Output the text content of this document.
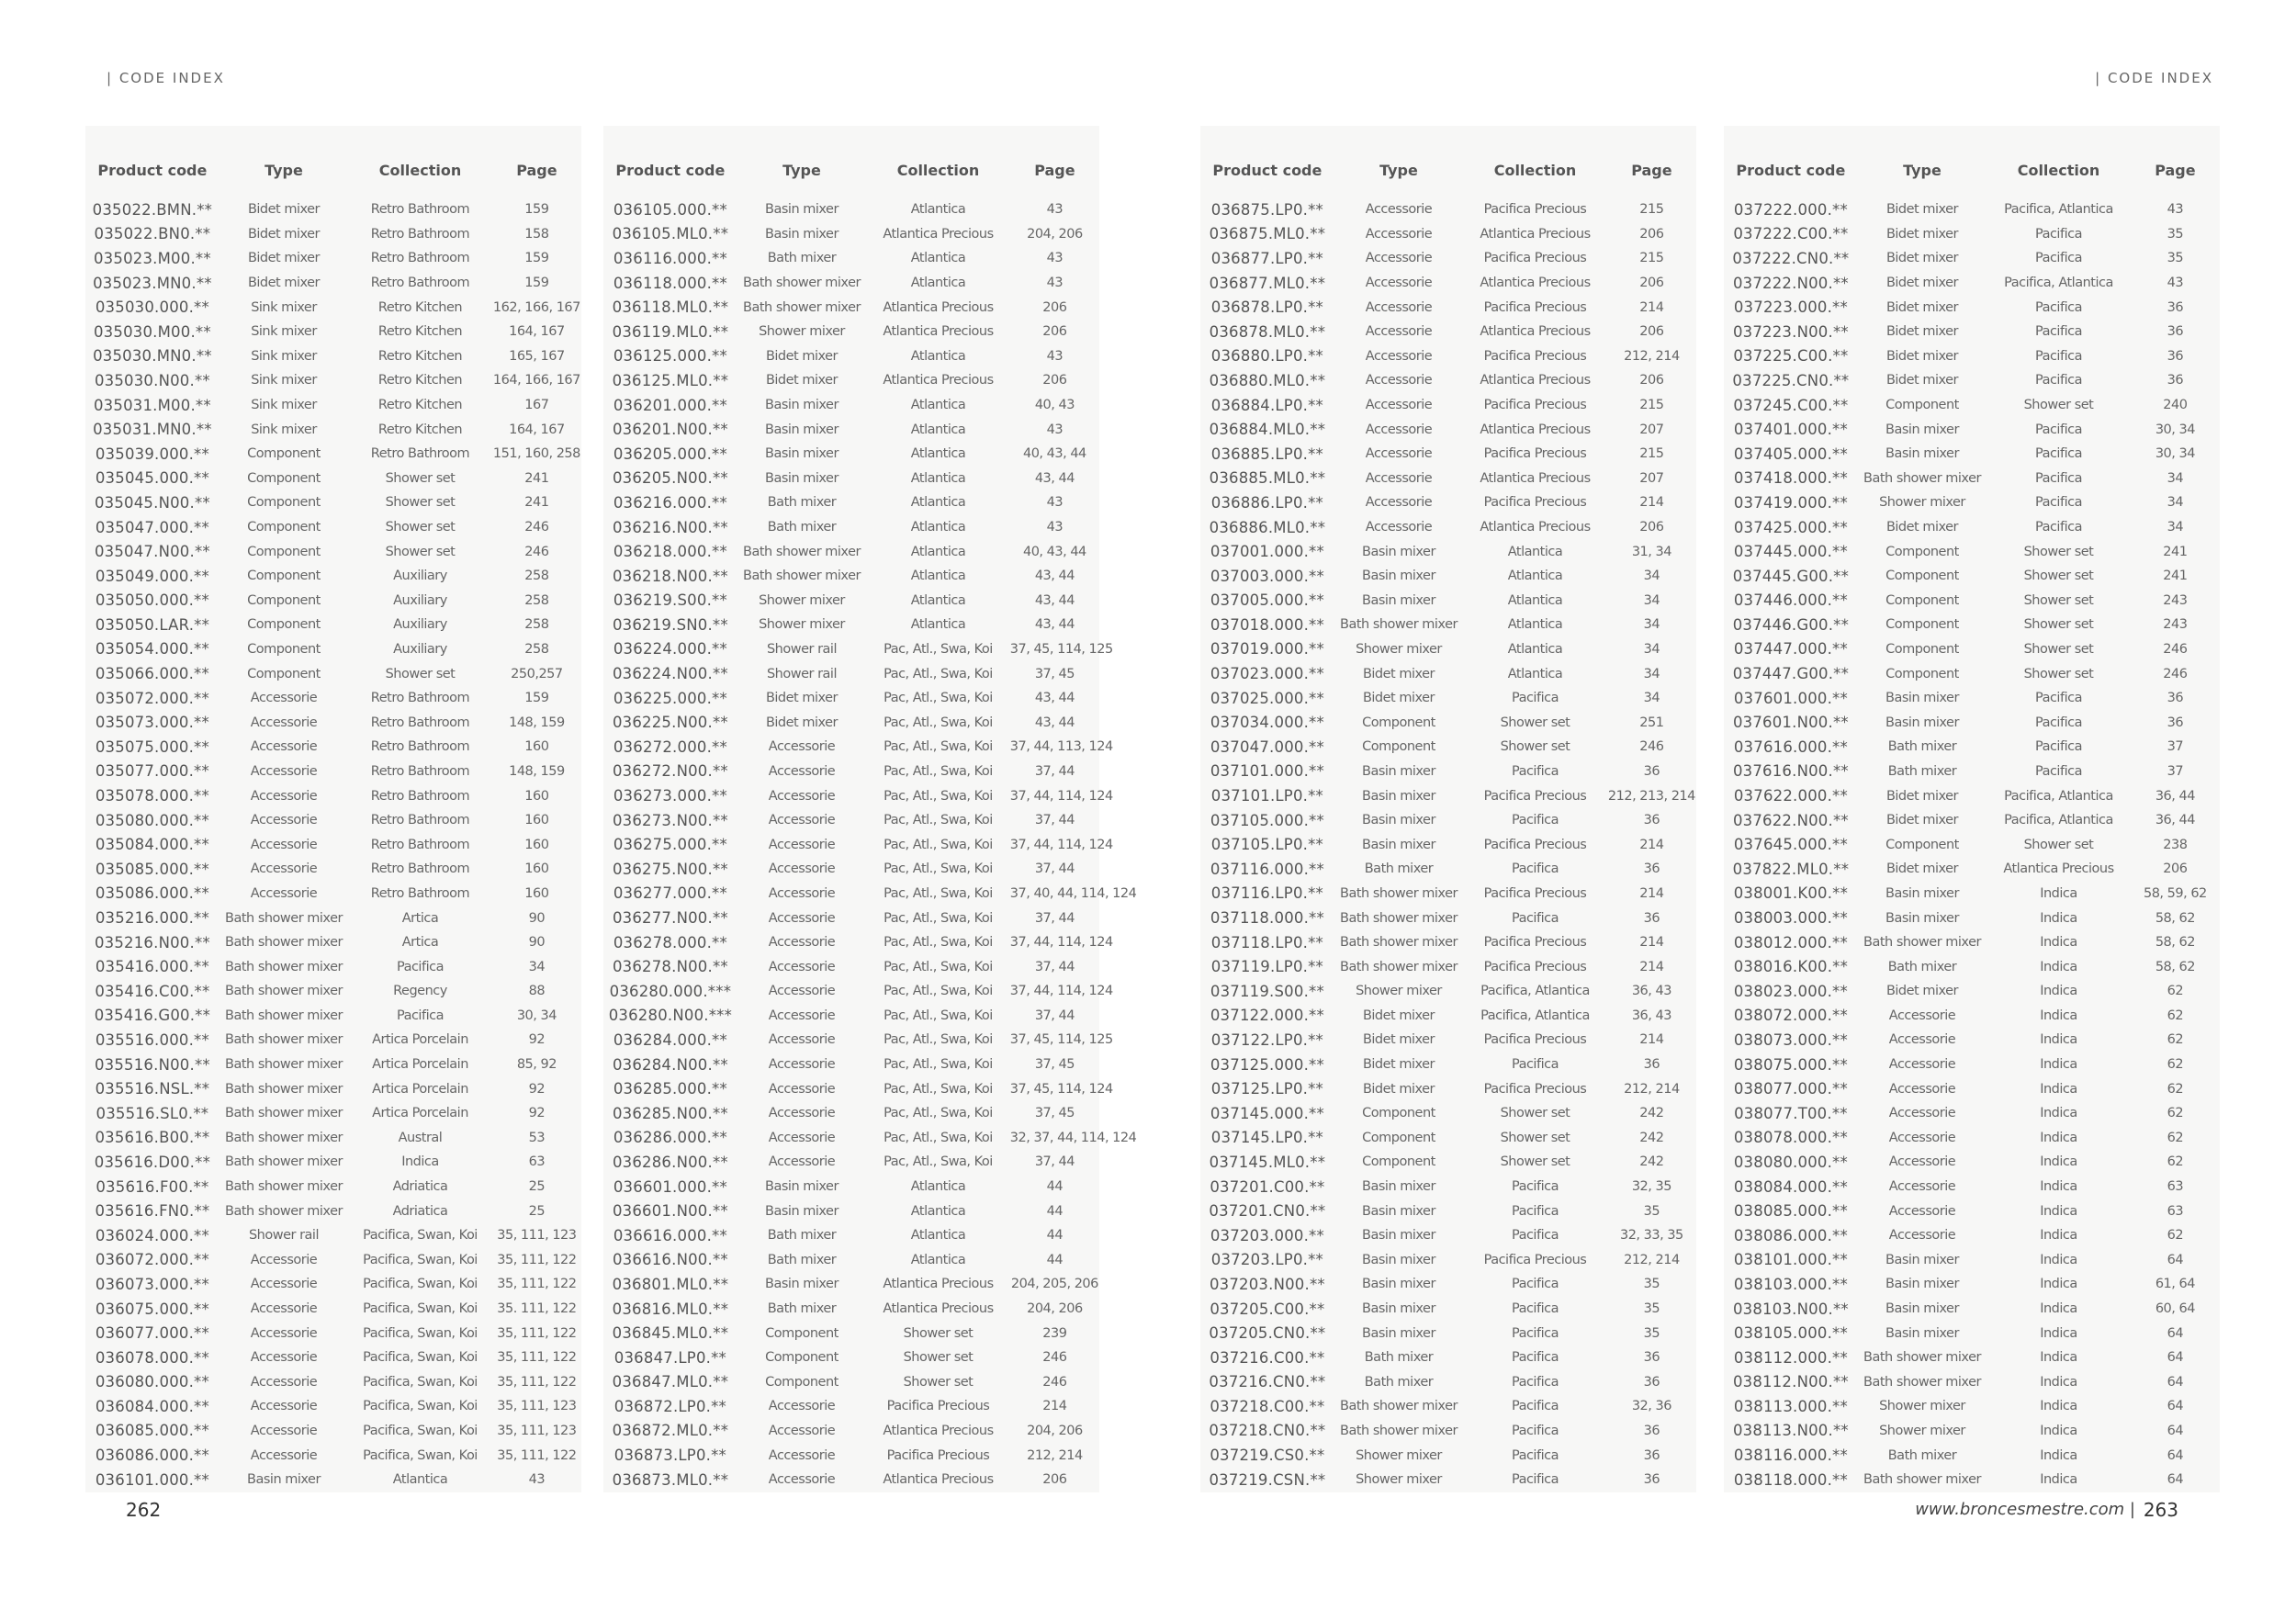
| CODE INDEX	| CODE INDEX
Product code	Type	Collection	Page
035022.BMN.**	Bidet mixer	Retro Bathroom	159
035022.BN0.**	Bidet mixer	Retro Bathroom	158
035023.M00.**	Bidet mixer	Retro Bathroom	159
035023.MN0.**	Bidet mixer	Retro Bathroom	159
035030.000.**	Sink mixer	Retro Kitchen	162, 166, 167
035030.M00.**	Sink mixer	Retro Kitchen	164, 167
035030.MN0.**	Sink mixer	Retro Kitchen	165, 167
035030.N00.**	Sink mixer	Retro Kitchen	164, 166, 167
035031.M00.**	Sink mixer	Retro Kitchen	167
035031.MN0.**	Sink mixer	Retro Kitchen	164, 167
035039.000.**	Component	Retro Bathroom	151, 160, 258
035045.000.**	Component	Shower set	241
035045.N00.**	Component	Shower set	241
035047.000.**	Component	Shower set	246
035047.N00.**	Component	Shower set	246
035049.000.**	Component	Auxiliary	258
035050.000.**	Component	Auxiliary	258
035050.LAR.**	Component	Auxiliary	258
035054.000.**	Component	Auxiliary	258
035066.000.**	Component	Shower set	250,257
035072.000.**	Accessorie	Retro Bathroom	159
035073.000.**	Accessorie	Retro Bathroom	148, 159
035075.000.**	Accessorie	Retro Bathroom	160
035077.000.**	Accessorie	Retro Bathroom	148, 159
035078.000.**	Accessorie	Retro Bathroom	160
035080.000.**	Accessorie	Retro Bathroom	160
035084.000.**	Accessorie	Retro Bathroom	160
035085.000.**	Accessorie	Retro Bathroom	160
035086.000.**	Accessorie	Retro Bathroom	160
035216.000.**	Bath shower mixer	Artica	90
035216.N00.**	Bath shower mixer	Artica	90
035416.000.**	Bath shower mixer	Pacifica	34
035416.C00.**	Bath shower mixer	Regency	88
035416.G00.**	Bath shower mixer	Pacifica	30, 34
035516.000.**	Bath shower mixer	Artica Porcelain	92
035516.N00.**	Bath shower mixer	Artica Porcelain	85, 92
035516.NSL.**	Bath shower mixer	Artica Porcelain	92
035516.SL0.**	Bath shower mixer	Artica Porcelain	92
035616.B00.**	Bath shower mixer	Austral	53
035616.D00.**	Bath shower mixer	Indica	63
035616.F00.**	Bath shower mixer	Adriatica	25
035616.FN0.**	Bath shower mixer	Adriatica	25
036024.000.**	Shower rail	Pacifica, Swan, Koi	35, 111, 123
036072.000.**	Accessorie	Pacifica, Swan, Koi	35, 111, 122
036073.000.**	Accessorie	Pacifica, Swan, Koi	35, 111, 122
036075.000.**	Accessorie	Pacifica, Swan, Koi	35. 111, 122
036077.000.**	Accessorie	Pacifica, Swan, Koi	35, 111, 122
036078.000.**	Accessorie	Pacifica, Swan, Koi	35, 111, 122
036080.000.**	Accessorie	Pacifica, Swan, Koi	35, 111, 122
036084.000.**	Accessorie	Pacifica, Swan, Koi	35, 111, 123
036085.000.**	Accessorie	Pacifica, Swan, Koi	35, 111, 123
036086.000.**	Accessorie	Pacifica, Swan, Koi	35, 111, 122
036101.000.**	Basin mixer	Atlantica	43
Product code	Type	Collection	Page
036105.000.**	Basin mixer	Atlantica	43
036105.ML0.**	Basin mixer	Atlantica Precious	204, 206
036116.000.**	Bath mixer	Atlantica	43
036118.000.**	Bath shower mixer	Atlantica	43
036118.ML0.**	Bath shower mixer	Atlantica Precious	206
036119.ML0.**	Shower mixer	Atlantica Precious	206
036125.000.**	Bidet mixer	Atlantica	43
036125.ML0.**	Bidet mixer	Atlantica Precious	206
036201.000.**	Basin mixer	Atlantica	40, 43
036201.N00.**	Basin mixer	Atlantica	43
036205.000.**	Basin mixer	Atlantica	40, 43, 44
036205.N00.**	Basin mixer	Atlantica	43, 44
036216.000.**	Bath mixer	Atlantica	43
036216.N00.**	Bath mixer	Atlantica	43
036218.000.**	Bath shower mixer	Atlantica	40, 43, 44
036218.N00.**	Bath shower mixer	Atlantica	43, 44
036219.S00.**	Shower mixer	Atlantica	43, 44
036219.SN0.**	Shower mixer	Atlantica	43, 44
036224.000.**	Shower rail	Pac, Atl., Swa, Koi	37, 45, 114, 125
036224.N00.**	Shower rail	Pac, Atl., Swa, Koi	37, 45
036225.000.**	Bidet mixer	Pac, Atl., Swa, Koi	43, 44
036225.N00.**	Bidet mixer	Pac, Atl., Swa, Koi	43, 44
036272.000.**	Accessorie	Pac, Atl., Swa, Koi	37, 44, 113, 124
036272.N00.**	Accessorie	Pac, Atl., Swa, Koi	37, 44
036273.000.**	Accessorie	Pac, Atl., Swa, Koi	37, 44, 114, 124
036273.N00.**	Accessorie	Pac, Atl., Swa, Koi	37, 44
036275.000.**	Accessorie	Pac, Atl., Swa, Koi	37, 44, 114, 124
036275.N00.**	Accessorie	Pac, Atl., Swa, Koi	37, 44
036277.000.**	Accessorie	Pac, Atl., Swa, Koi	37, 40, 44, 114, 124
036277.N00.**	Accessorie	Pac, Atl., Swa, Koi	37, 44
036278.000.**	Accessorie	Pac, Atl., Swa, Koi	37, 44, 114, 124
036278.N00.**	Accessorie	Pac, Atl., Swa, Koi	37, 44
036280.000.***	Accessorie	Pac, Atl., Swa, Koi	37, 44, 114, 124
036280.N00.***	Accessorie	Pac, Atl., Swa, Koi	37, 44
036284.000.**	Accessorie	Pac, Atl., Swa, Koi	37, 45, 114, 125
036284.N00.**	Accessorie	Pac, Atl., Swa, Koi	37, 45
036285.000.**	Accessorie	Pac, Atl., Swa, Koi	37, 45, 114, 124
036285.N00.**	Accessorie	Pac, Atl., Swa, Koi	37, 45
036286.000.**	Accessorie	Pac, Atl., Swa, Koi	32, 37, 44, 114, 124
036286.N00.**	Accessorie	Pac, Atl., Swa, Koi	37, 44
036601.000.**	Basin mixer	Atlantica	44
036601.N00.**	Basin mixer	Atlantica	44
036616.000.**	Bath mixer	Atlantica	44
036616.N00.**	Bath mixer	Atlantica	44
036801.ML0.**	Basin mixer	Atlantica Precious	204, 205, 206
036816.ML0.**	Bath mixer	Atlantica Precious	204, 206
036845.ML0.**	Component	Shower set	239
036847.LP0.**	Component	Shower set	246
036847.ML0.**	Component	Shower set	246
036872.LP0.**	Accessorie	Pacifica Precious	214
036872.ML0.**	Accessorie	Atlantica Precious	204, 206
036873.LP0.**	Accessorie	Pacifica Precious	212, 214
036873.ML0.**	Accessorie	Atlantica Precious	206
Product code	Type	Collection	Page
036875.LP0.**	Accessorie	Pacifica Precious	215
036875.ML0.**	Accessorie	Atlantica Precious	206
036877.LP0.**	Accessorie	Pacifica Precious	215
036877.ML0.**	Accessorie	Atlantica Precious	206
036878.LP0.**	Accessorie	Pacifica Precious	214
036878.ML0.**	Accessorie	Atlantica Precious	206
036880.LP0.**	Accessorie	Pacifica Precious	212, 214
036880.ML0.**	Accessorie	Atlantica Precious	206
036884.LP0.**	Accessorie	Pacifica Precious	215
036884.ML0.**	Accessorie	Atlantica Precious	207
036885.LP0.**	Accessorie	Pacifica Precious	215
036885.ML0.**	Accessorie	Atlantica Precious	207
036886.LP0.**	Accessorie	Pacifica Precious	214
036886.ML0.**	Accessorie	Atlantica Precious	206
037001.000.**	Basin mixer	Atlantica	31, 34
037003.000.**	Basin mixer	Atlantica	34
037005.000.**	Basin mixer	Atlantica	34
037018.000.**	Bath shower mixer	Atlantica	34
037019.000.**	Shower mixer	Atlantica	34
037023.000.**	Bidet mixer	Atlantica	34
037025.000.**	Bidet mixer	Pacifica	34
037034.000.**	Component	Shower set	251
037047.000.**	Component	Shower set	246
037101.000.**	Basin mixer	Pacifica	36
037101.LP0.**	Basin mixer	Pacifica Precious	212, 213, 214
037105.000.**	Basin mixer	Pacifica	36
037105.LP0.**	Basin mixer	Pacifica Precious	214
037116.000.**	Bath mixer	Pacifica	36
037116.LP0.**	Bath shower mixer	Pacifica Precious	214
037118.000.**	Bath shower mixer	Pacifica	36
037118.LP0.**	Bath shower mixer	Pacifica Precious	214
037119.LP0.**	Bath shower mixer	Pacifica Precious	214
037119.S00.**	Shower mixer	Pacifica, Atlantica	36, 43
037122.000.**	Bidet mixer	Pacifica, Atlantica	36, 43
037122.LP0.**	Bidet mixer	Pacifica Precious	214
037125.000.**	Bidet mixer	Pacifica	36
037125.LP0.**	Bidet mixer	Pacifica Precious	212, 214
037145.000.**	Component	Shower set	242
037145.LP0.**	Component	Shower set	242
037145.ML0.**	Component	Shower set	242
037201.C00.**	Basin mixer	Pacifica	32, 35
037201.CN0.**	Basin mixer	Pacifica	35
037203.000.**	Basin mixer	Pacifica	32, 33, 35
037203.LP0.**	Basin mixer	Pacifica Precious	212, 214
037203.N00.**	Basin mixer	Pacifica	35
037205.C00.**	Basin mixer	Pacifica	35
037205.CN0.**	Basin mixer	Pacifica	35
037216.C00.**	Bath mixer	Pacifica	36
037216.CN0.**	Bath mixer	Pacifica	36
037218.C00.**	Bath shower mixer	Pacifica	32, 36
037218.CN0.**	Bath shower mixer	Pacifica	36
037219.CS0.**	Shower mixer	Pacifica	36
037219.CSN.**	Shower mixer	Pacifica	36
Product code	Type	Collection	Page
037222.000.**	Bidet mixer	Pacifica, Atlantica	43
037222.C00.**	Bidet mixer	Pacifica	35
037222.CN0.**	Bidet mixer	Pacifica	35
037222.N00.**	Bidet mixer	Pacifica, Atlantica	43
037223.000.**	Bidet mixer	Pacifica	36
037223.N00.**	Bidet mixer	Pacifica	36
037225.C00.**	Bidet mixer	Pacifica	36
037225.CN0.**	Bidet mixer	Pacifica	36
037245.C00.**	Component	Shower set	240
037401.000.**	Basin mixer	Pacifica	30, 34
037405.000.**	Basin mixer	Pacifica	30, 34
037418.000.**	Bath shower mixer	Pacifica	34
037419.000.**	Shower mixer	Pacifica	34
037425.000.**	Bidet mixer	Pacifica	34
037445.000.**	Component	Shower set	241
037445.G00.**	Component	Shower set	241
037446.000.**	Component	Shower set	243
037446.G00.**	Component	Shower set	243
037447.000.**	Component	Shower set	246
037447.G00.**	Component	Shower set	246
037601.000.**	Basin mixer	Pacifica	36
037601.N00.**	Basin mixer	Pacifica	36
037616.000.**	Bath mixer	Pacifica	37
037616.N00.**	Bath mixer	Pacifica	37
037622.000.**	Bidet mixer	Pacifica, Atlantica	36, 44
037622.N00.**	Bidet mixer	Pacifica, Atlantica	36, 44
037645.000.**	Component	Shower set	238
037822.ML0.**	Bidet mixer	Atlantica Precious	206
038001.K00.**	Basin mixer	Indica	58, 59, 62
038003.000.**	Basin mixer	Indica	58, 62
038012.000.**	Bath shower mixer	Indica	58, 62
038016.K00.**	Bath mixer	Indica	58, 62
038023.000.**	Bidet mixer	Indica	62
038072.000.**	Accessorie	Indica	62
038073.000.**	Accessorie	Indica	62
038075.000.**	Accessorie	Indica	62
038077.000.**	Accessorie	Indica	62
038077.T00.**	Accessorie	Indica	62
038078.000.**	Accessorie	Indica	62
038080.000.**	Accessorie	Indica	62
038084.000.**	Accessorie	Indica	63
038085.000.**	Accessorie	Indica	63
038086.000.**	Accessorie	Indica	62
038101.000.**	Basin mixer	Indica	64
038103.000.**	Basin mixer	Indica	61, 64
038103.N00.**	Basin mixer	Indica	60, 64
038105.000.**	Basin mixer	Indica	64
038112.000.**	Bath shower mixer	Indica	64
038112.N00.**	Bath shower mixer	Indica	64
038113.000.**	Shower mixer	Indica	64
038113.N00.**	Shower mixer	Indica	64
038116.000.**	Bath mixer	Indica	64
038118.000.**	Bath shower mixer	Indica	64
262	www.broncesmestre.com | 263
